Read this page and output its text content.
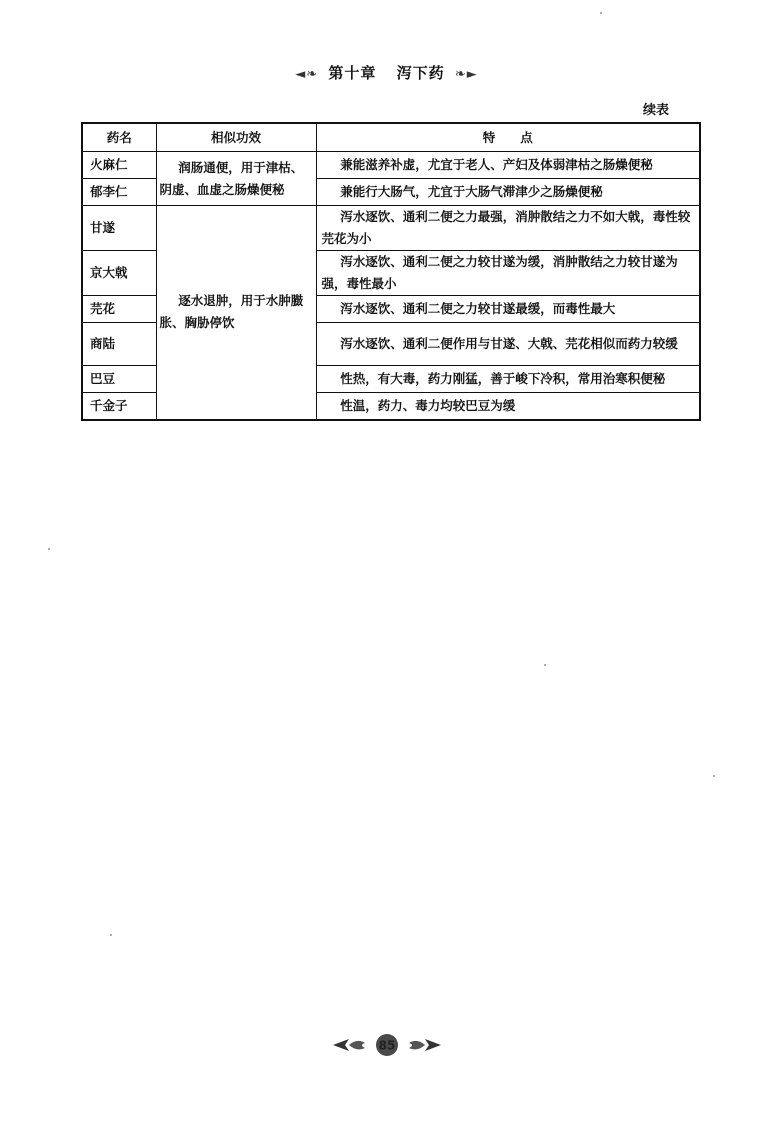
◄❧ 第十章 泻下药 ❧►
续表
药名	相似功效	特　　点
火麻仁	润肠通便，用于津枯、阴虚、血虚之肠燥便秘	兼能滋养补虚，尤宜于老人、产妇及体弱津枯之肠燥便秘
郁李仁		兼能行大肠气，尤宜于大肠气滞津少之肠燥便秘
甘遂	逐水退肿，用于水肿臌胀、胸胁停饮	泻水逐饮、通利二便之力最强，消肿散结之力不如大戟，毒性较芫花为小
京大戟		泻水逐饮、通利二便之力较甘遂为缓，消肿散结之力较甘遂为强，毒性最小
芫花		泻水逐饮、通利二便之力较甘遂最缓，而毒性最大
商陆		泻水逐饮、通利二便作用与甘遂、大戟、芫花相似而药力较缓
巴豆		性热，有大毒，药力刚猛，善于峻下冷积，常用治寒积便秘
千金子		性温，药力、毒力均较巴豆为缓
85
